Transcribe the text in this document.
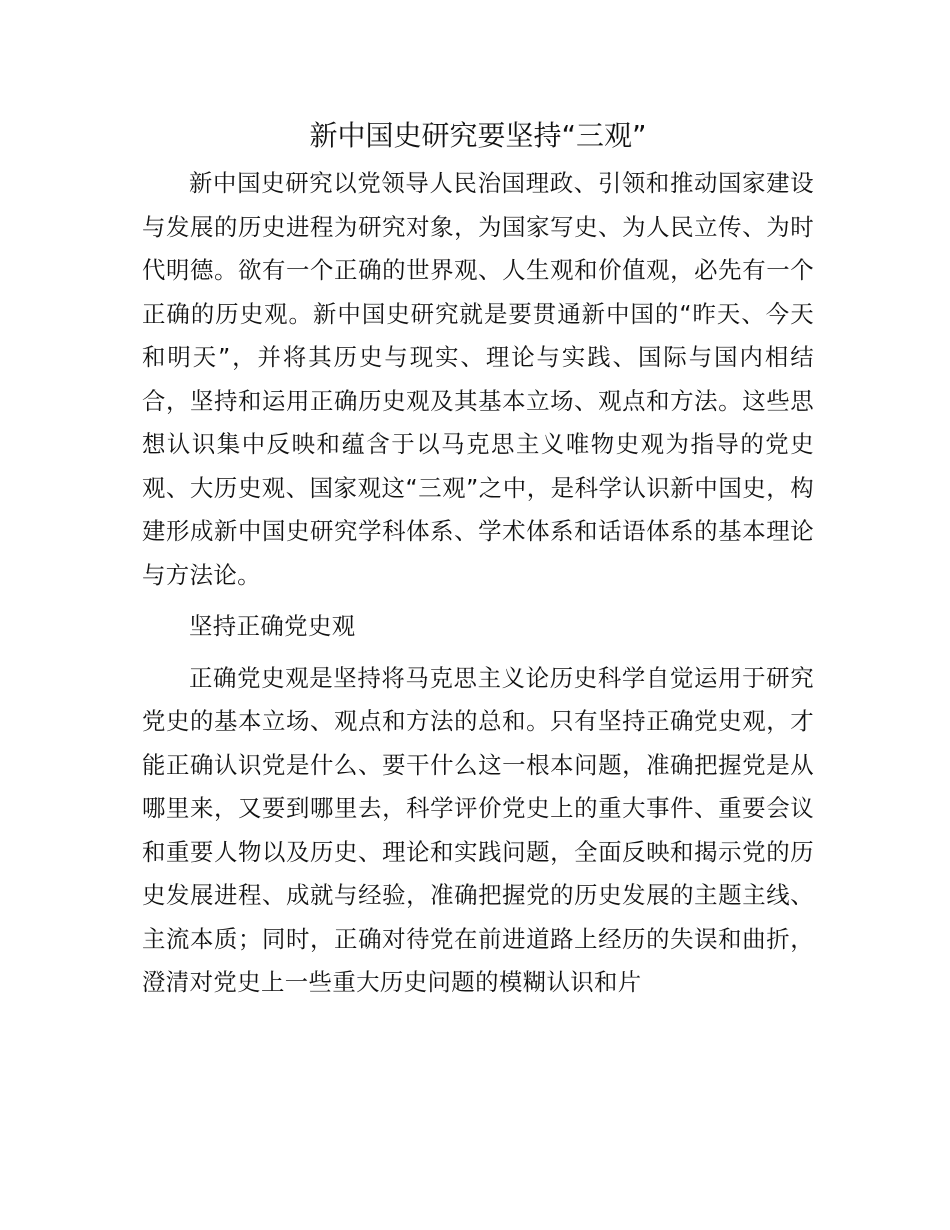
新中国史研究要坚持“三观”

新中国史研究以党领导人民治国理政、引领和推动国家建设与发展的历史进程为研究对象，为国家写史、为人民立传、为时代明德。欲有一个正确的世界观、人生观和价值观，必先有一个正确的历史观。新中国史研究就是要贯通新中国的“昨天、今天和明天”，并将其历史与现实、理论与实践、国际与国内相结合，坚持和运用正确历史观及其基本立场、观点和方法。这些思想认识集中反映和蕴含于以马克思主义唯物史观为指导的党史观、大历史观、国家观这“三观”之中，是科学认识新中国史，构建形成新中国史研究学科体系、学术体系和话语体系的基本理论与方法论。

坚持正确党史观

正确党史观是坚持将马克思主义论历史科学自觉运用于研究党史的基本立场、观点和方法的总和。只有坚持正确党史观，才能正确认识党是什么、要干什么这一根本问题，准确把握党是从哪里来，又要到哪里去，科学评价党史上的重大事件、重要会议和重要人物以及历史、理论和实践问题，全面反映和揭示党的历史发展进程、成就与经验，准确把握党的历史发展的主题主线、主流本质；同时，正确对待党在前进道路上经历的失误和曲折，澄清对党史上一些重大历史问题的模糊认识和片
